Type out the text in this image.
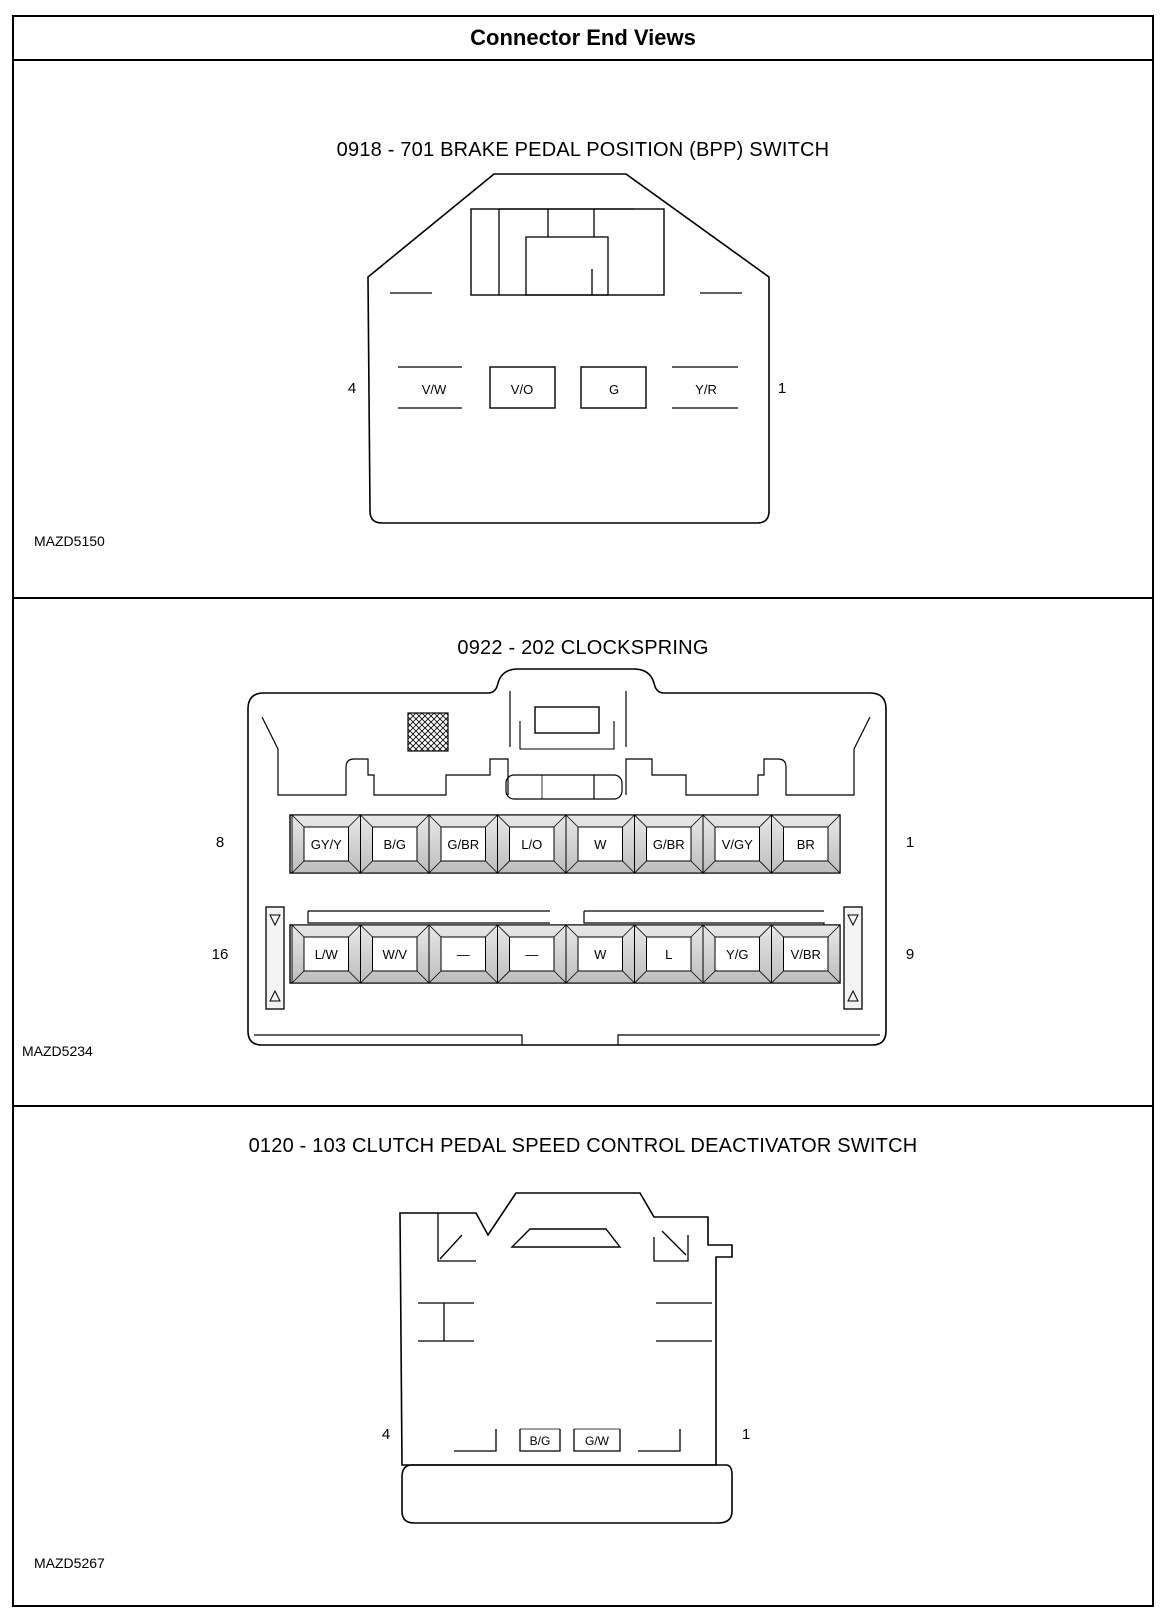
Connector End Views
0918 - 701 BRAKE PEDAL POSITION (BPP) SWITCH
4	1
V/W	V/O	G	Y/R
MAZD5150
0922 - 202 CLOCKSPRING
8	1
16	9
GY/Y	B/G	G/BR	L/O	W	G/BR	V/GY	BR
L/W	W/V	—	—	W	L	Y/G	V/BR
MAZD5234
0120 - 103 CLUTCH PEDAL SPEED CONTROL DEACTIVATOR SWITCH
4	1
B/G	G/W
MAZD5267
